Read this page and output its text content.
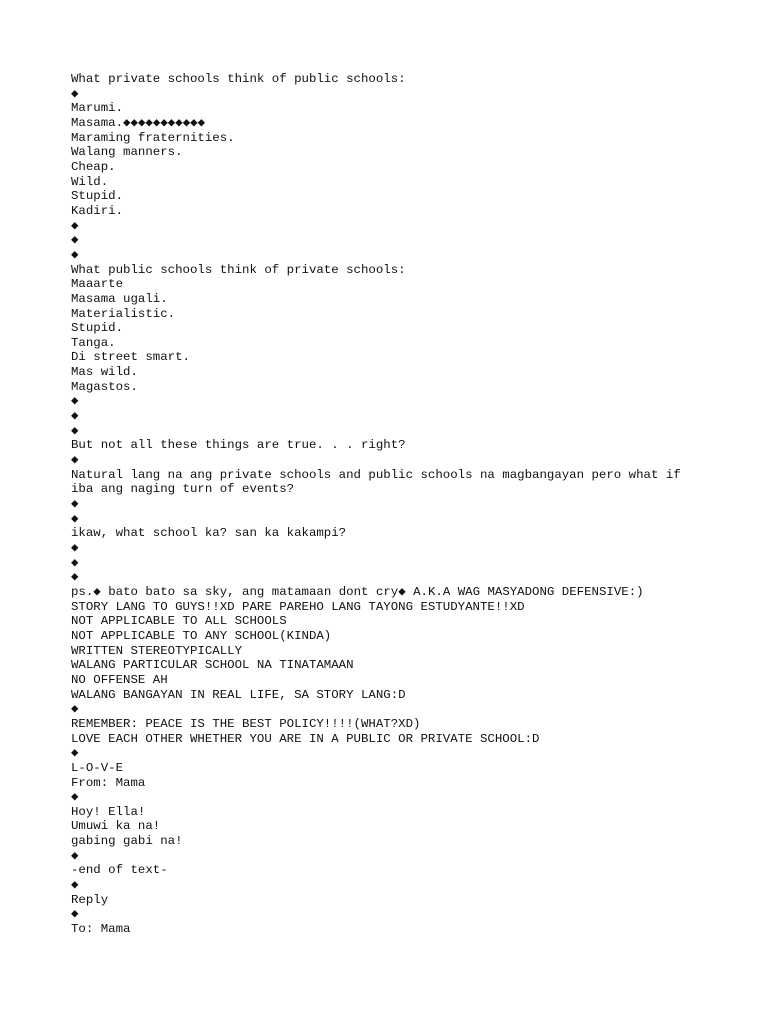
What private schools think of public schools:
◆
Marumi.
Masama.◆◆◆◆◆◆◆◆◆◆◆
Maraming fraternities.
Walang manners.
Cheap.
Wild.
Stupid.
Kadiri.
◆
◆
◆
What public schools think of private schools:
Maaarte
Masama ugali.
Materialistic.
Stupid.
Tanga.
Di street smart.
Mas wild.
Magastos.
◆
◆
◆
But not all these things are true. . . right?
◆
Natural lang na ang private schools and public schools na magbangayan pero what if
iba ang naging turn of events?
◆
◆
ikaw, what school ka? san ka kakampi?
◆
◆
◆
ps.◆ bato bato sa sky, ang matamaan dont cry◆ A.K.A WAG MASYADONG DEFENSIVE:)
STORY LANG TO GUYS!!XD PARE PAREHO LANG TAYONG ESTUDYANTE!!XD
NOT APPLICABLE TO ALL SCHOOLS
NOT APPLICABLE TO ANY SCHOOL(KINDA)
WRITTEN STEREOTYPICALLY
WALANG PARTICULAR SCHOOL NA TINATAMAAN
NO OFFENSE AH
WALANG BANGAYAN IN REAL LIFE, SA STORY LANG:D
◆
REMEMBER: PEACE IS THE BEST POLICY!!!!(WHAT?XD)
LOVE EACH OTHER WHETHER YOU ARE IN A PUBLIC OR PRIVATE SCHOOL:D
◆
L-O-V-E
From: Mama
◆
Hoy! Ella!
Umuwi ka na!
gabing gabi na!
◆
-end of text-
◆
Reply
◆
To: Mama
